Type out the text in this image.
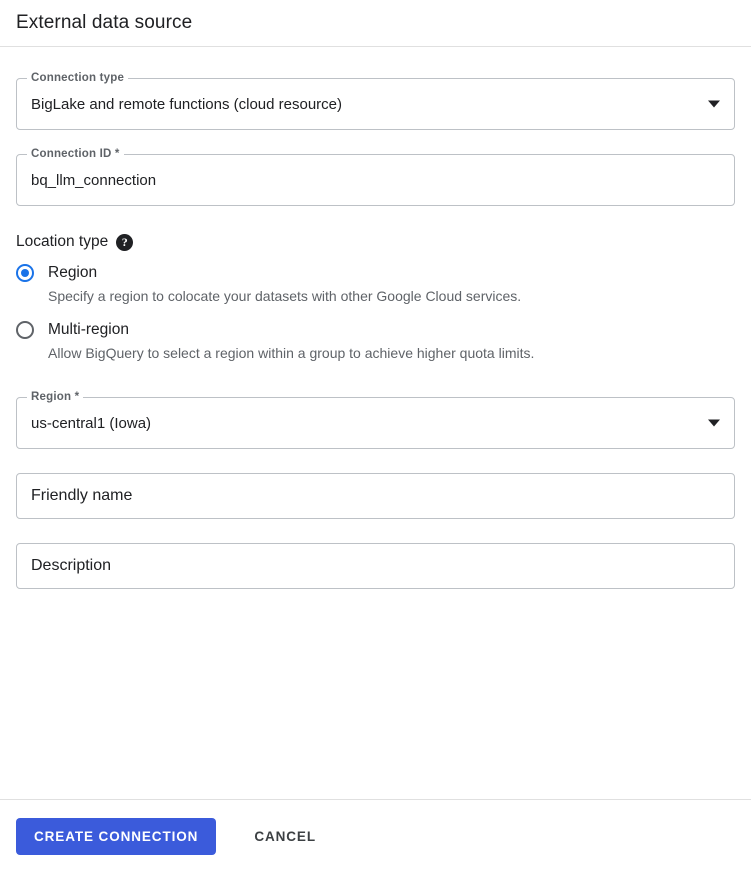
External data source
Connection type
BigLake and remote functions (cloud resource)
Connection ID *
bq_llm_connection
Location type	?
Region
Specify a region to colocate your datasets with other Google Cloud services.
Multi-region
Allow BigQuery to select a region within a group to achieve higher quota limits.
Region *
us-central1 (Iowa)
Friendly name
Description
CREATE CONNECTION	CANCEL
